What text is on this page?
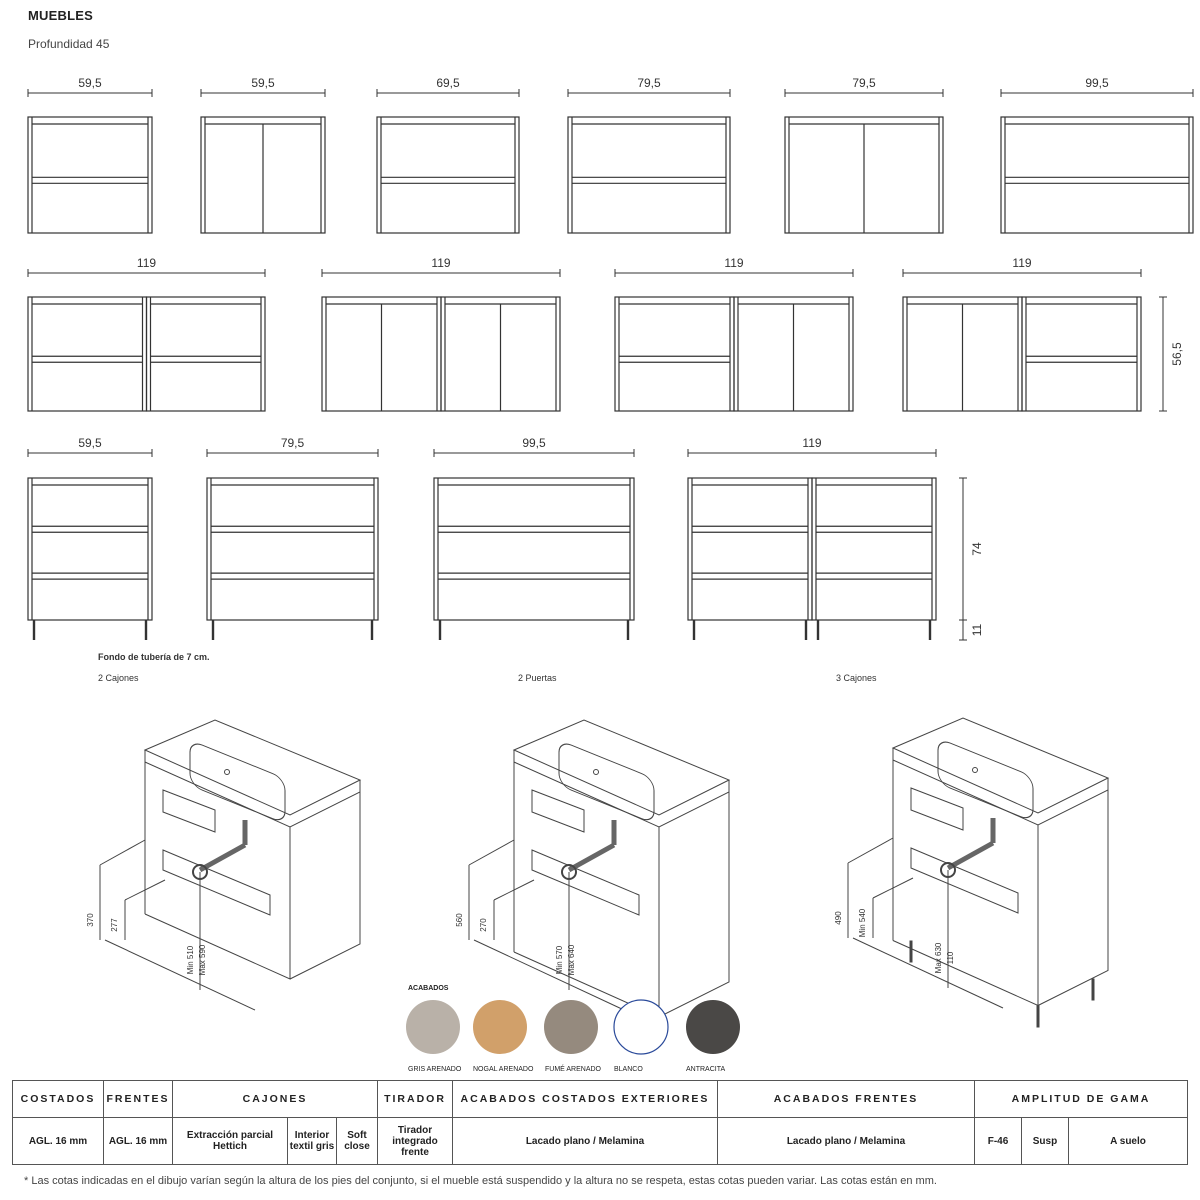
MUEBLES
Profundidad 45
59,5	59,5	69,5	79,5	79,5	99,5
119	119	119	119
56,5
59,5	79,5	99,5	119
74
11
370 277
Min 510 Max 590
560 270
Min 570 Max 640
490 Min 540
Max 630 110
Fondo de tubería de 7 cm.
2 Cajones	2 Puertas	3 Cajones
ACABADOS
GRIS ARENADO NOGAL ARENADO FUMÉ ARENADO BLANCO	ANTRACITA
COSTADOS	FRENTES	CAJONES			TIRADOR	ACABADOS COSTADOS EXTERIORES	ACABADOS FRENTES	AMPLITUD DE GAMA		
AGL. 16 mm	AGL. 16 mm	Extracción parcial Hettich	Interior textil gris	Soft close	Tirador integrado frente	Lacado plano / Melamina	Lacado plano / Melamina	F-46	Susp	A suelo
* Las cotas indicadas en el dibujo varían según la altura de los pies del conjunto, si el mueble está suspendido y la altura no se respeta, estas cotas pueden variar. Las cotas están en mm.
